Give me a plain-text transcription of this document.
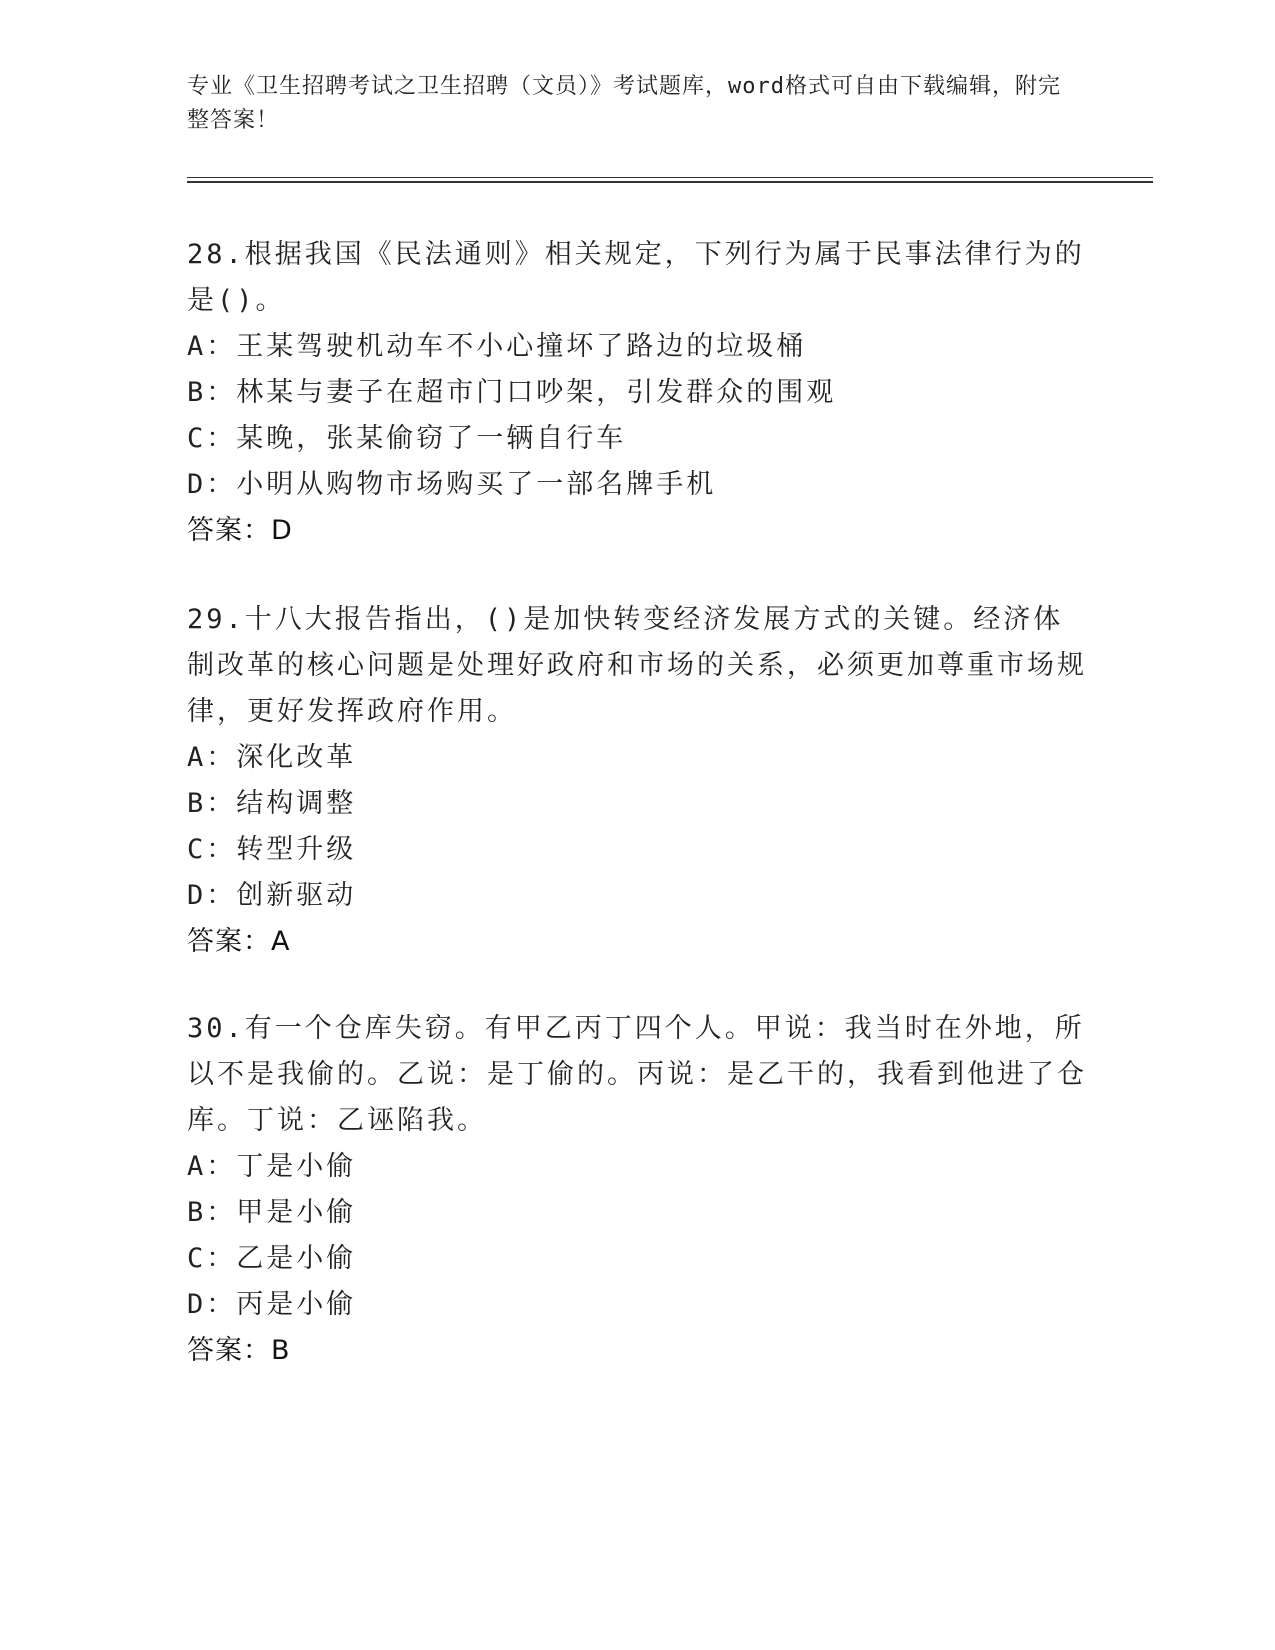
专业《卫生招聘考试之卫生招聘（文员）》考试题库，word格式可自由下载编辑，附完整答案！

28.根据我国《民法通则》相关规定，下列行为属于民事法律行为的是()。

A： 王某驾驶机动车不小心撞坏了路边的垃圾桶

B： 林某与妻子在超市门口吵架，引发群众的围观

C： 某晚，张某偷窃了一辆自行车

D： 小明从购物市场购买了一部名牌手机

答案：D

29.十八大报告指出，()是加快转变经济发展方式的关键。经济体制改革的核心问题是处理好政府和市场的关系，必须更加尊重市场规律，更好发挥政府作用。

A： 深化改革

B： 结构调整

C： 转型升级

D： 创新驱动

答案：A

30.有一个仓库失窃。有甲乙丙丁四个人。甲说：我当时在外地，所以不是我偷的。乙说：是丁偷的。丙说：是乙干的，我看到他进了仓库。丁说：乙诬陷我。

A： 丁是小偷

B： 甲是小偷

C： 乙是小偷

D： 丙是小偷

答案：B
